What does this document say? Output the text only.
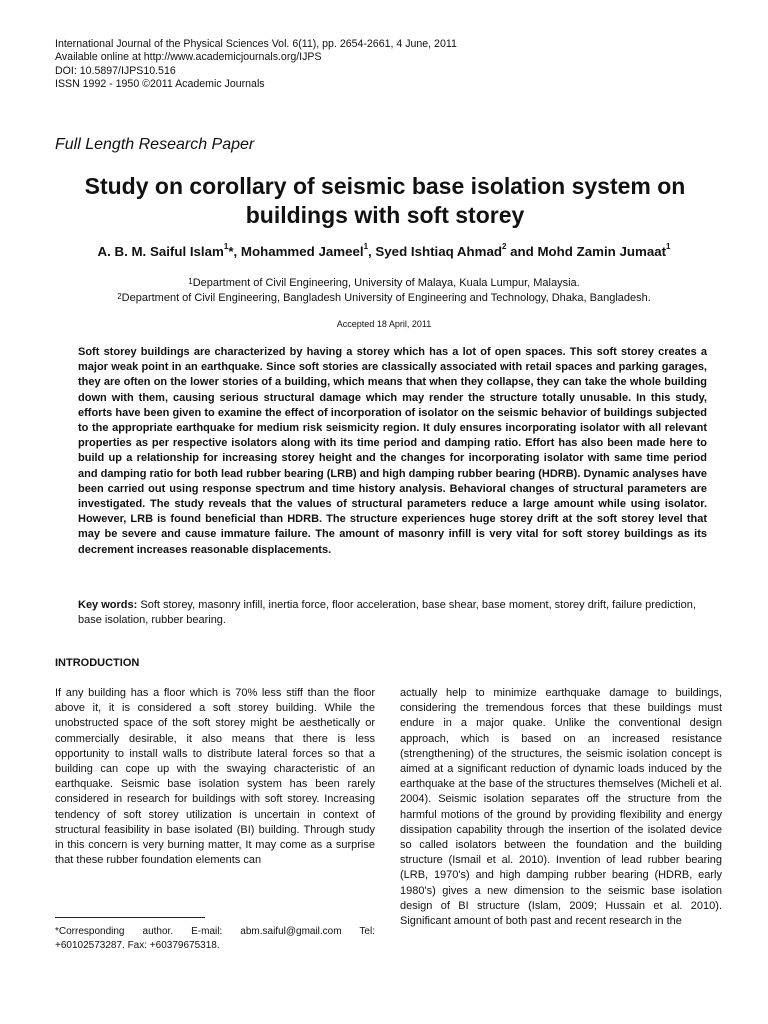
International Journal of the Physical Sciences Vol. 6(11), pp. 2654-2661, 4 June, 2011
Available online at http://www.academicjournals.org/IJPS
DOI: 10.5897/IJPS10.516
ISSN 1992 - 1950 ©2011 Academic Journals
Full Length Research Paper
Study on corollary of seismic base isolation system on buildings with soft storey
A. B. M. Saiful Islam$^1$*, Mohammed Jameel$^1$, Syed Ishtiaq Ahmad$^2$ and Mohd Zamin Jumaat$^1$
$^1$Department of Civil Engineering, University of Malaya, Kuala Lumpur, Malaysia.
$^2$Department of Civil Engineering, Bangladesh University of Engineering and Technology, Dhaka, Bangladesh.
Accepted 18 April, 2011
Soft storey buildings are characterized by having a storey which has a lot of open spaces. This soft storey creates a major weak point in an earthquake. Since soft stories are classically associated with retail spaces and parking garages, they are often on the lower stories of a building, which means that when they collapse, they can take the whole building down with them, causing serious structural damage which may render the structure totally unusable. In this study, efforts have been given to examine the effect of incorporation of isolator on the seismic behavior of buildings subjected to the appropriate earthquake for medium risk seismicity region. It duly ensures incorporating isolator with all relevant properties as per respective isolators along with its time period and damping ratio. Effort has also been made here to build up a relationship for increasing storey height and the changes for incorporating isolator with same time period and damping ratio for both lead rubber bearing (LRB) and high damping rubber bearing (HDRB). Dynamic analyses have been carried out using response spectrum and time history analysis. Behavioral changes of structural parameters are investigated. The study reveals that the values of structural parameters reduce a large amount while using isolator. However, LRB is found beneficial than HDRB. The structure experiences huge storey drift at the soft storey level that may be severe and cause immature failure. The amount of masonry infill is very vital for soft storey buildings as its decrement increases reasonable displacements.
Key words: Soft storey, masonry infill, inertia force, floor acceleration, base shear, base moment, storey drift, failure prediction, base isolation, rubber bearing.
INTRODUCTION
If any building has a floor which is 70% less stiff than the floor above it, it is considered a soft storey building. While the unobstructed space of the soft storey might be aesthetically or commercially desirable, it also means that there is less opportunity to install walls to distribute lateral forces so that a building can cope up with the swaying characteristic of an earthquake. Seismic base isolation system has been rarely considered in research for buildings with soft storey. Increasing tendency of soft storey utilization is uncertain in context of structural feasibility in base isolated (BI) building. Through study in this concern is very burning matter, It may come as a surprise that these rubber foundation elements can
actually help to minimize earthquake damage to buildings, considering the tremendous forces that these buildings must endure in a major quake. Unlike the conventional design approach, which is based on an increased resistance (strengthening) of the structures, the seismic isolation concept is aimed at a significant reduction of dynamic loads induced by the earthquake at the base of the structures themselves (Micheli et al. 2004). Seismic isolation separates off the structure from the harmful motions of the ground by providing flexibility and energy dissipation capability through the insertion of the isolated device so called isolators between the foundation and the building structure (Ismail et al. 2010). Invention of lead rubber bearing (LRB, 1970's) and high damping rubber bearing (HDRB, early 1980's) gives a new dimension to the seismic base isolation design of BI structure (Islam, 2009; Hussain et al. 2010). Significant amount of both past and recent research in the
*Corresponding author. E-mail: abm.saiful@gmail.com Tel: +60102573287. Fax: +60379675318.
